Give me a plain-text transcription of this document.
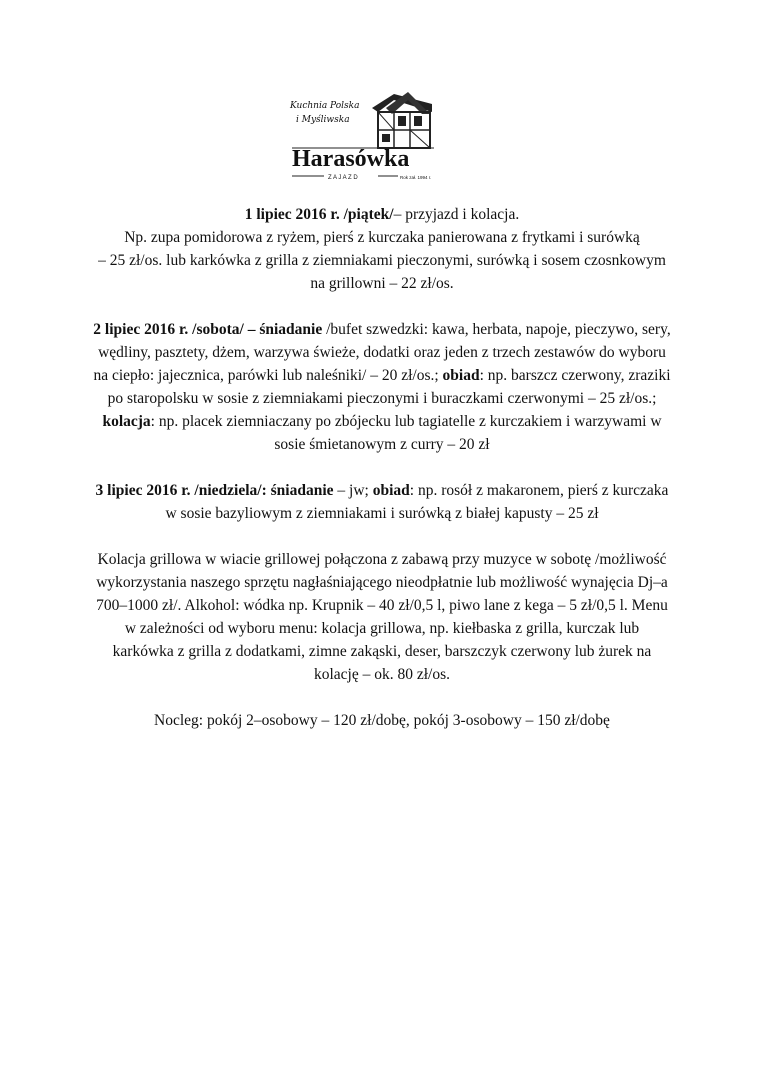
Kuchnia Polska
i Myśliwska
Harasówka
Z A J A Z D	Rok zał. 1994 r.

1 lipiec 2016 r. /piątek/– przyjazd i kolacja.
Np. zupa pomidorowa z ryżem, pierś z kurczaka panierowana z frytkami i surówką
– 25 zł/os. lub karkówka z grilla z ziemniakami pieczonymi, surówką i sosem czosnkowym
na grillowni – 22 zł/os.

2 lipiec 2016 r. /sobota/ – śniadanie /bufet szwedzki: kawa, herbata, napoje, pieczywo, sery,
wędliny, pasztety, dżem, warzywa świeże, dodatki oraz jeden z trzech zestawów do wyboru
na ciepło: jajecznica, parówki lub naleśniki/ – 20 zł/os.; obiad: np. barszcz czerwony, zraziki
po staropolsku w sosie z ziemniakami pieczonymi i buraczkami czerwonymi – 25 zł/os.;
kolacja: np. placek ziemniaczany po zbójecku lub tagiatelle z kurczakiem i warzywami w
sosie śmietanowym z curry – 20 zł

3 lipiec 2016 r. /niedziela/: śniadanie – jw; obiad: np. rosół z makaronem, pierś z kurczaka
w sosie bazyliowym z ziemniakami i surówką z białej kapusty – 25 zł

Kolacja grillowa w wiacie grillowej połączona z zabawą przy muzyce w sobotę /możliwość
wykorzystania naszego sprzętu nagłaśniającego nieodpłatnie lub możliwość wynajęcia Dj–a
700–1000 zł/. Alkohol: wódka np. Krupnik – 40 zł/0,5 l, piwo lane z kega – 5 zł/0,5 l. Menu
w zależności od wyboru menu: kolacja grillowa, np. kiełbaska z grilla, kurczak lub
karkówka z grilla z dodatkami, zimne zakąski, deser, barszczyk czerwony lub żurek na
kolację – ok. 80 zł/os.

Nocleg: pokój 2–osobowy – 120 zł/dobę, pokój 3-osobowy – 150 zł/dobę
